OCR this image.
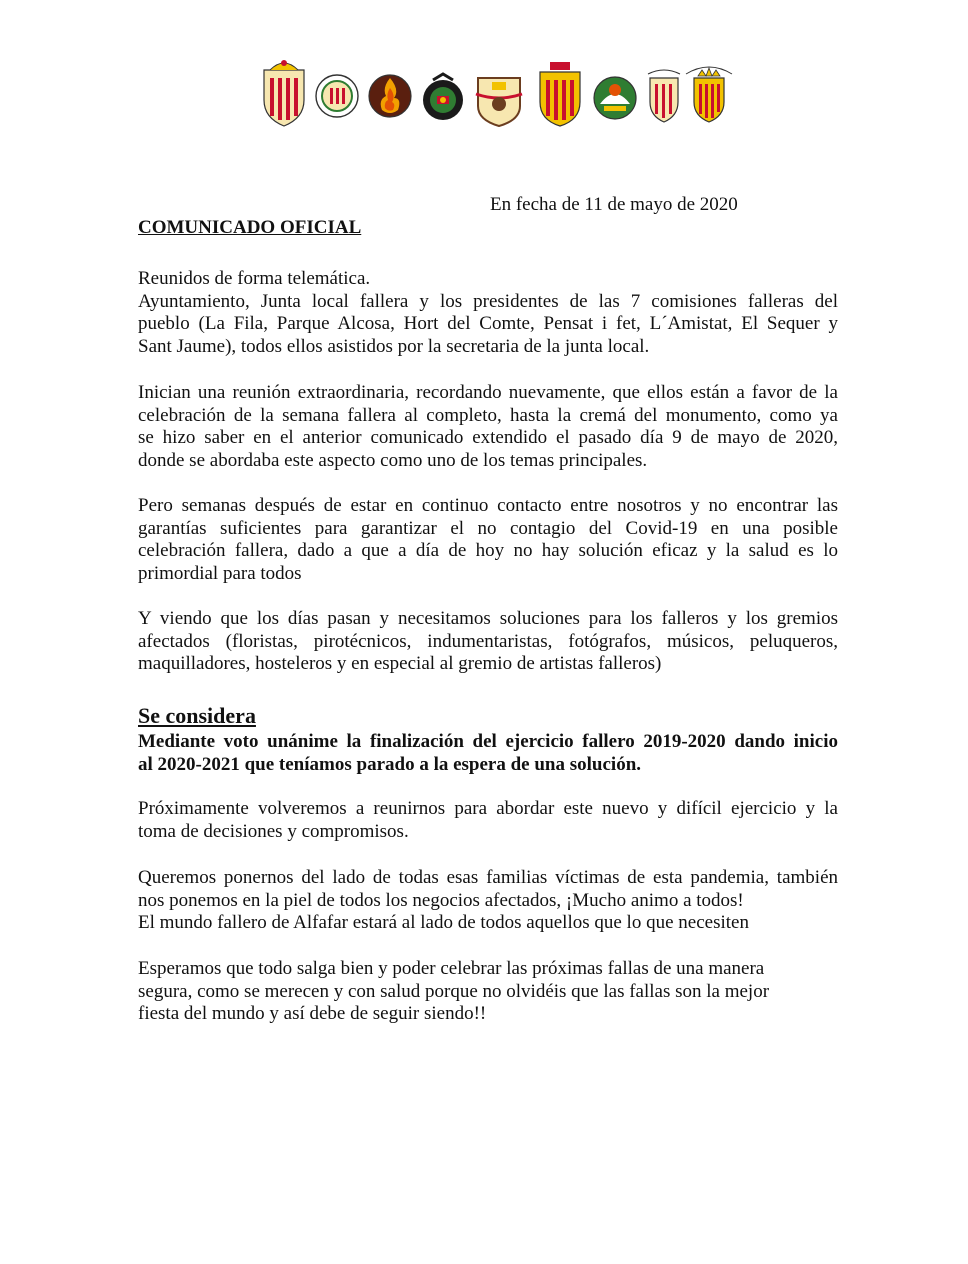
En fecha de 11 de mayo de 2020
COMUNICADO OFICIAL
Reunidos de forma telemática.
Ayuntamiento, Junta local fallera y los presidentes de las 7 comisiones falleras del
pueblo (La Fila, Parque Alcosa, Hort del Comte, Pensat i fet, L´Amistat, El Sequer y
Sant Jaume), todos ellos asistidos por la secretaria de la junta local.
Inician una reunión extraordinaria, recordando nuevamente, que ellos están a favor de la
celebración de la semana fallera al completo, hasta la cremá del monumento, como ya
se hizo saber en el anterior comunicado extendido el pasado día 9 de mayo de 2020,
donde se abordaba este aspecto como uno de los temas principales.
Pero semanas después de estar en continuo contacto entre nosotros y no encontrar las
garantías suficientes para garantizar el no contagio del Covid-19 en una posible
celebración fallera, dado a que a día de hoy no hay solución eficaz y la salud es lo
primordial para todos
Y viendo que los días pasan y necesitamos soluciones para los falleros y los gremios
afectados (floristas, pirotécnicos, indumentaristas, fotógrafos, músicos, peluqueros,
maquilladores, hosteleros y en especial al gremio de artistas falleros)
Se considera
Mediante voto unánime la finalización del ejercicio fallero 2019-2020 dando inicio
al 2020-2021 que teníamos parado a la espera de una solución.
Próximamente volveremos a reunirnos para abordar este nuevo y difícil ejercicio y la
toma de decisiones y compromisos.
Queremos ponernos del lado de todas esas familias víctimas de esta pandemia, también
nos ponemos en la piel de todos los negocios afectados, ¡Mucho animo a todos!
El mundo fallero de Alfafar estará al lado de todos aquellos que lo que necesiten
Esperamos que todo salga bien y poder celebrar las próximas fallas de una manera
segura, como se merecen y con salud porque no olvidéis que las fallas son la mejor
fiesta del mundo y así debe de seguir siendo!!
